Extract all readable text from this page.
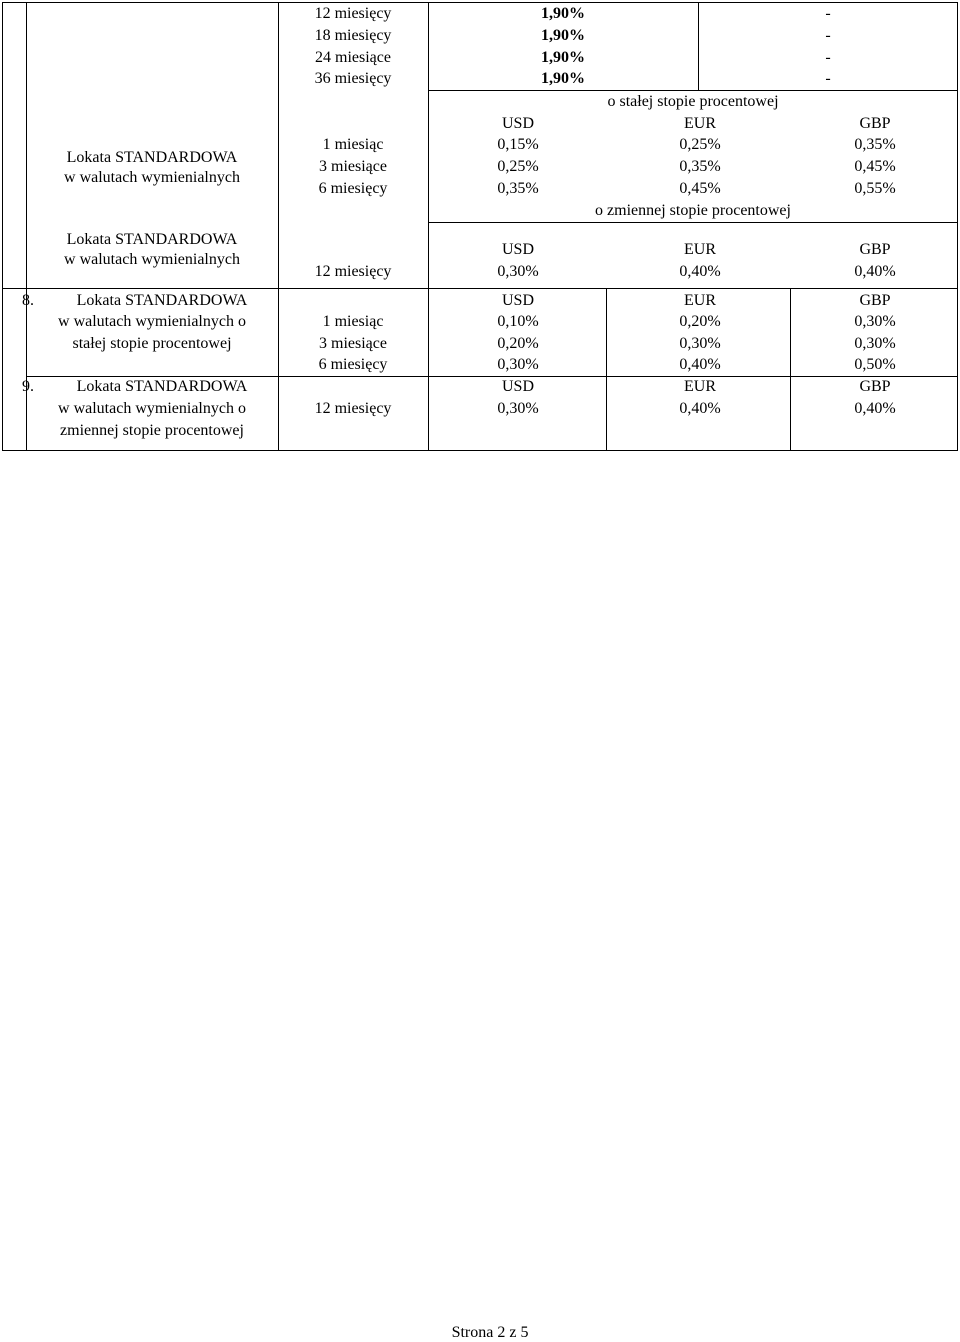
12 miesięcy	1,90%	-
18 miesięcy	1,90%	-
24 miesiące	1,90%	-
36 miesięcy	1,90%	-
Lokata STANDARDOWA
w walutach wymienialnych
o stałej stopie procentowej
USD	EUR	GBP
1 miesiąc	0,15%	0,25%	0,35%
3 miesiące	0,25%	0,35%	0,45%
6 miesięcy	0,35%	0,45%	0,55%
Lokata STANDARDOWA
w walutach wymienialnych
o zmiennej stopie procentowej
USD	EUR	GBP
12 miesięcy	0,30%	0,40%	0,40%
8.	Lokata STANDARDOWA
w walutach wymienialnych o
stałej stopie procentowej
USD	EUR	GBP
1 miesiąc	0,10%	0,20%	0,30%
3 miesiące	0,20%	0,30%	0,30%
6 miesięcy	0,30%	0,40%	0,50%
9.	Lokata STANDARDOWA
w walutach wymienialnych o
zmiennej stopie procentowej
USD	EUR	GBP
12 miesięcy	0,30%	0,40%	0,40%
Strona 2 z 5
